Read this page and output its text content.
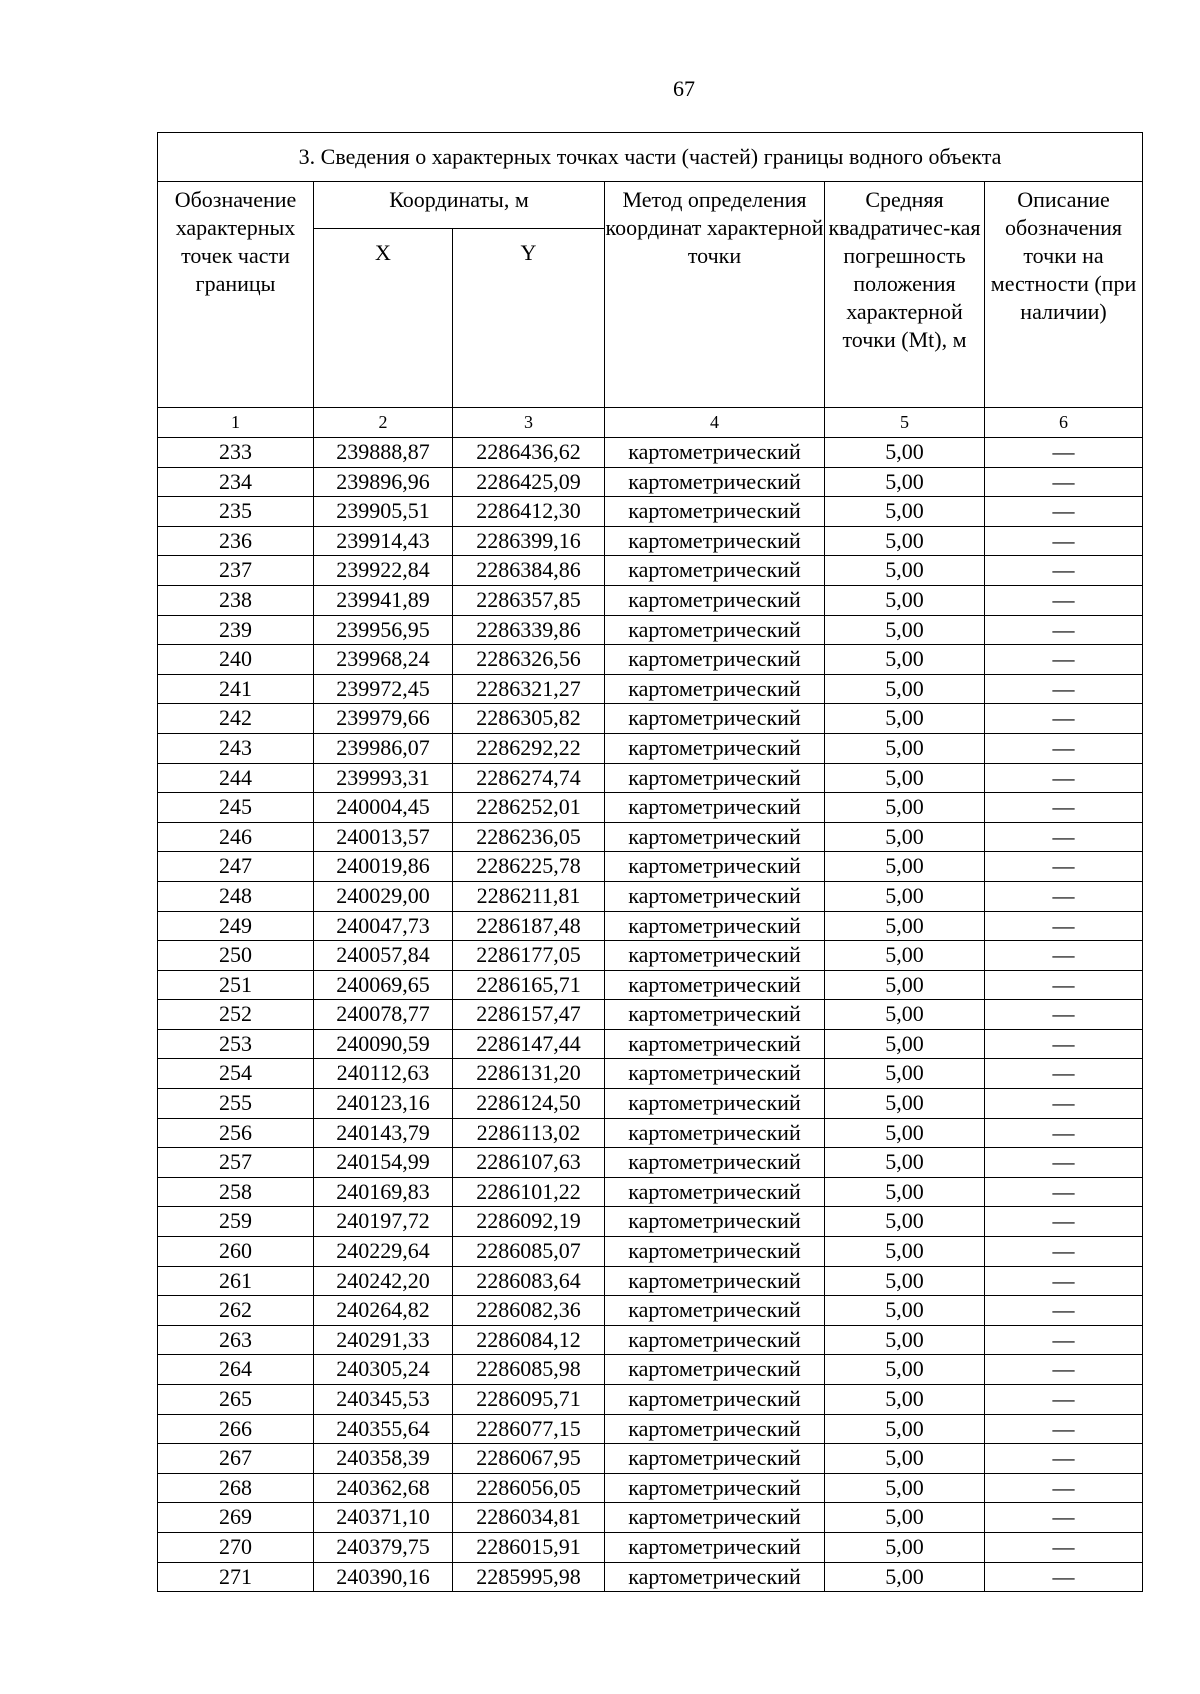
67
3. Сведения о характерных точках части (частей) границы водного объекта					
Обозначение характерных точек части границы	Координаты, м		Метод определения координат характерной точки	Средняя квадратичес-кая погрешность положения характерной точки (Mt), м	Описание обозначения точки на местности (при наличии)
	X	Y			
1	2	3	4	5	6
233	239888,87	2286436,62	картометрический	5,00	—
234	239896,96	2286425,09	картометрический	5,00	—
235	239905,51	2286412,30	картометрический	5,00	—
236	239914,43	2286399,16	картометрический	5,00	—
237	239922,84	2286384,86	картометрический	5,00	—
238	239941,89	2286357,85	картометрический	5,00	—
239	239956,95	2286339,86	картометрический	5,00	—
240	239968,24	2286326,56	картометрический	5,00	—
241	239972,45	2286321,27	картометрический	5,00	—
242	239979,66	2286305,82	картометрический	5,00	—
243	239986,07	2286292,22	картометрический	5,00	—
244	239993,31	2286274,74	картометрический	5,00	—
245	240004,45	2286252,01	картометрический	5,00	—
246	240013,57	2286236,05	картометрический	5,00	—
247	240019,86	2286225,78	картометрический	5,00	—
248	240029,00	2286211,81	картометрический	5,00	—
249	240047,73	2286187,48	картометрический	5,00	—
250	240057,84	2286177,05	картометрический	5,00	—
251	240069,65	2286165,71	картометрический	5,00	—
252	240078,77	2286157,47	картометрический	5,00	—
253	240090,59	2286147,44	картометрический	5,00	—
254	240112,63	2286131,20	картометрический	5,00	—
255	240123,16	2286124,50	картометрический	5,00	—
256	240143,79	2286113,02	картометрический	5,00	—
257	240154,99	2286107,63	картометрический	5,00	—
258	240169,83	2286101,22	картометрический	5,00	—
259	240197,72	2286092,19	картометрический	5,00	—
260	240229,64	2286085,07	картометрический	5,00	—
261	240242,20	2286083,64	картометрический	5,00	—
262	240264,82	2286082,36	картометрический	5,00	—
263	240291,33	2286084,12	картометрический	5,00	—
264	240305,24	2286085,98	картометрический	5,00	—
265	240345,53	2286095,71	картометрический	5,00	—
266	240355,64	2286077,15	картометрический	5,00	—
267	240358,39	2286067,95	картометрический	5,00	—
268	240362,68	2286056,05	картометрический	5,00	—
269	240371,10	2286034,81	картометрический	5,00	—
270	240379,75	2286015,91	картометрический	5,00	—
271	240390,16	2285995,98	картометрический	5,00	—
